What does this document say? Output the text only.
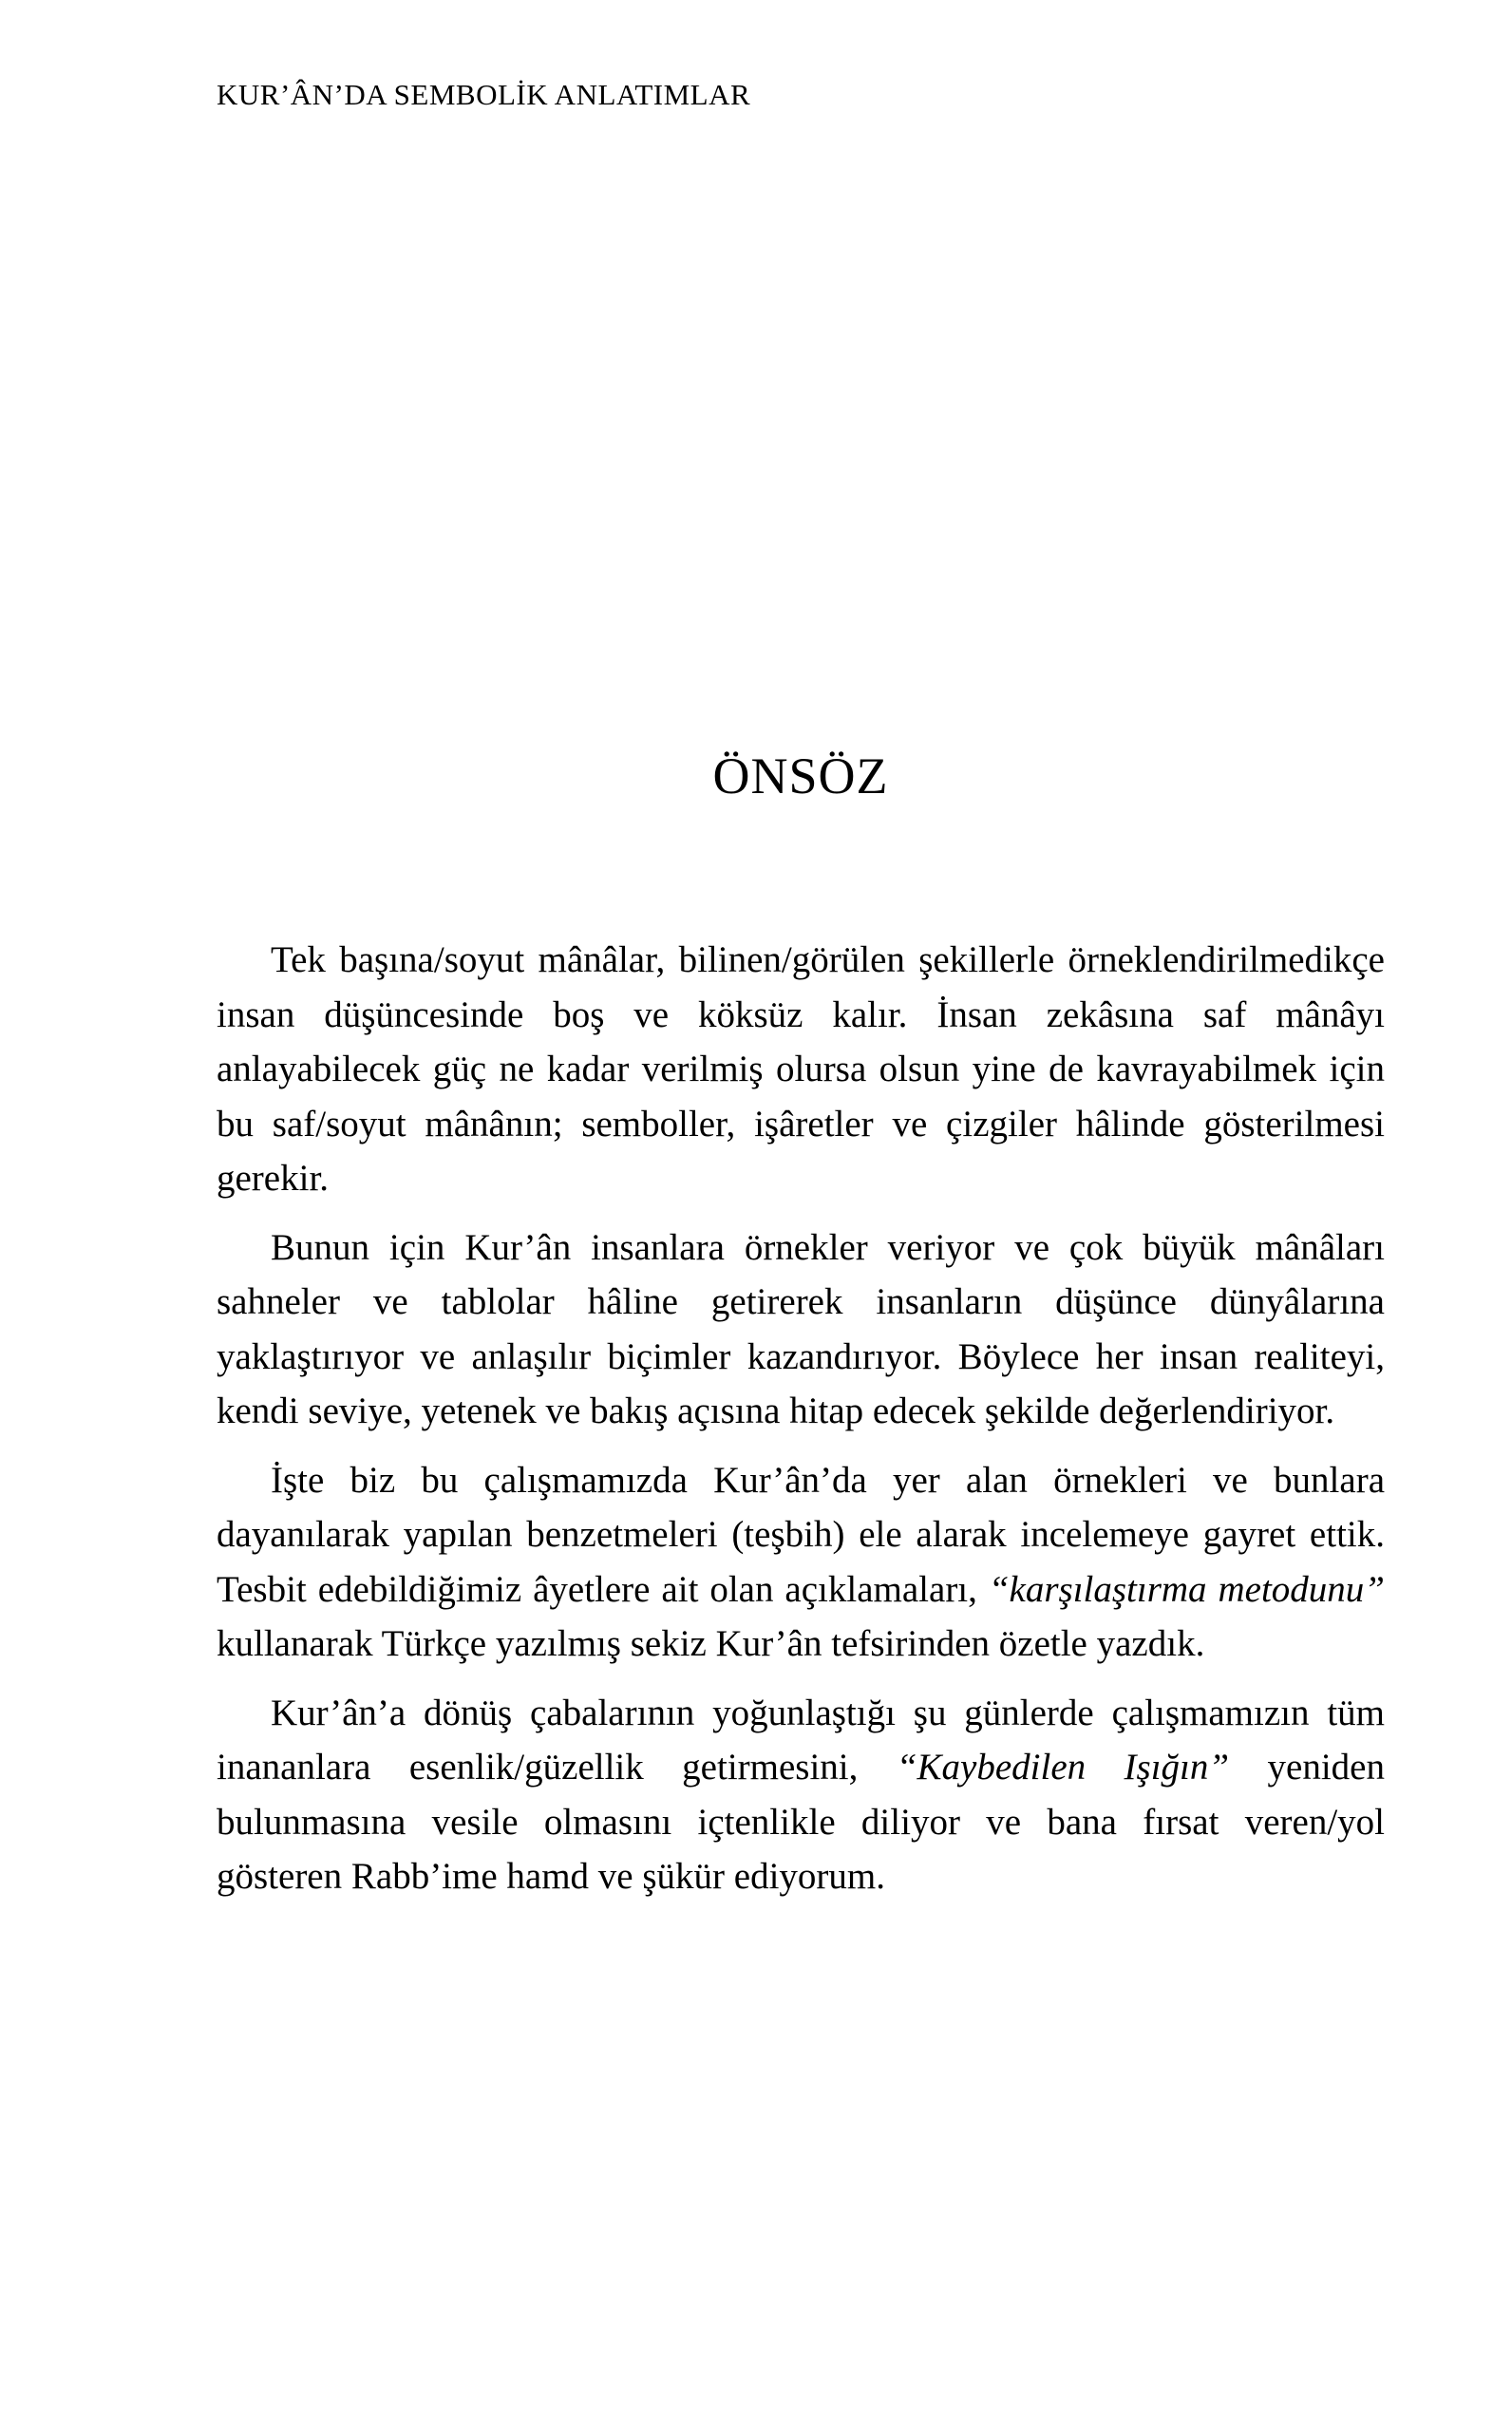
KUR’ÂN’DA SEMBOLİK ANLATIMLAR
ÖNSÖZ

Tek başına/soyut mânâlar, bilinen/görülen şekillerle örneklendirilmedikçe insan düşüncesinde boş ve köksüz kalır. İnsan zekâsına saf mânâyı anlayabilecek güç ne kadar verilmiş olursa olsun yine de kavrayabilmek için bu saf/soyut mânânın; semboller, işâretler ve çizgiler hâlinde gösterilmesi gerekir.

Bunun için Kur’ân insanlara örnekler veriyor ve çok büyük mânâları sahneler ve tablolar hâline getirerek insanların düşünce dünyâlarına yaklaştırıyor ve anlaşılır biçimler kazandırıyor. Böylece her insan realiteyi, kendi seviye, yetenek ve bakış açısına hitap edecek şekilde değerlendiriyor.

İşte biz bu çalışmamızda Kur’ân’da yer alan örnekleri ve bunlara dayanılarak yapılan benzetmeleri (teşbih) ele alarak incelemeye gayret ettik. Tesbit edebildiğimiz âyetlere ait olan açıklamaları, “karşılaştırma metodunu” kullanarak Türkçe yazılmış sekiz Kur’ân tefsirinden özetle yazdık.

Kur’ân’a dönüş çabalarının yoğunlaştığı şu günlerde çalışmamızın tüm inananlara esenlik/güzellik getirmesini, “Kaybedilen Işığın” yeniden bulunmasına vesile olmasını içtenlikle diliyor ve bana fırsat veren/yol gösteren Rabb’ime hamd ve şükür ediyorum.
